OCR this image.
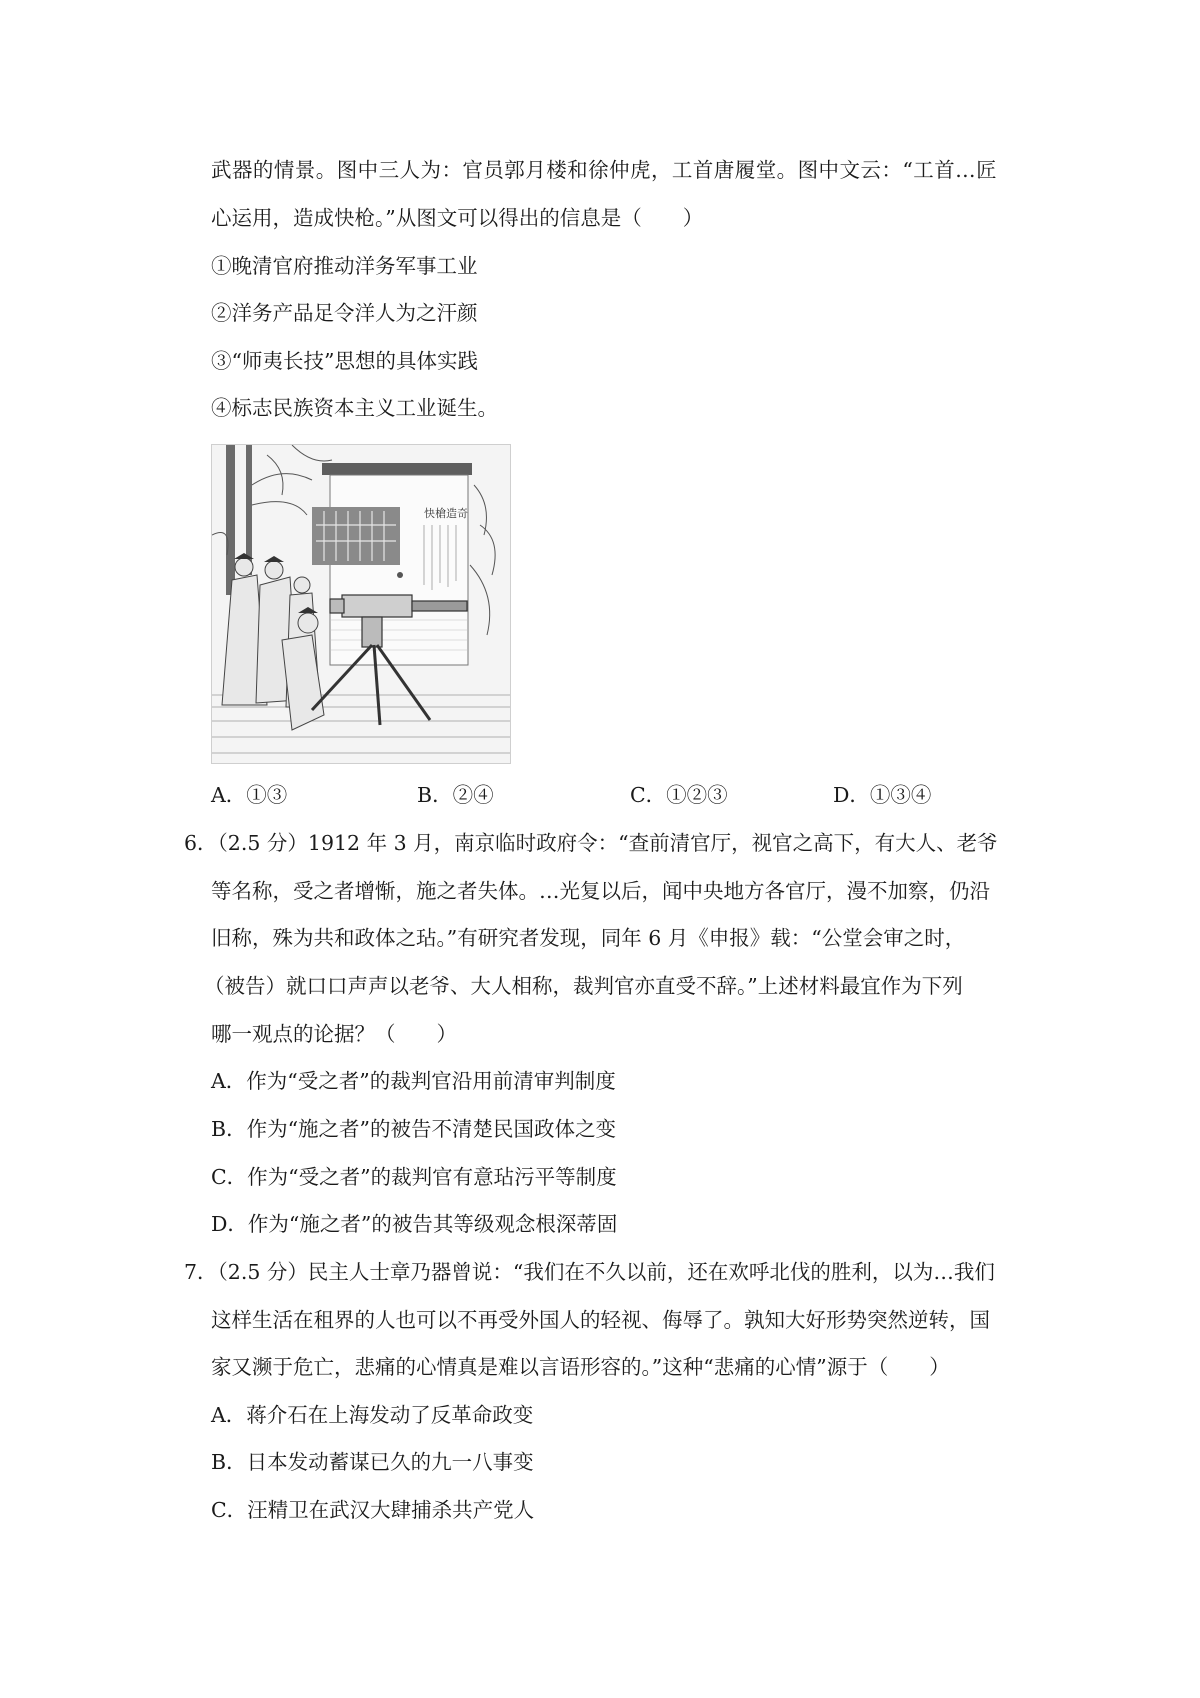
武器的情景。图中三人为：官员郭月楼和徐仲虎，工首唐履堂。图中文云：“工首…匠
心运用，造成快枪。”从图文可以得出的信息是（　　）
①晚清官府推动洋务军事工业
②洋务产品足令洋人为之汗颜
③“师夷长技”思想的具体实践
④标志民族资本主义工业诞生。
快槍造奇
A．①③	B．②④	C．①②③	D．①③④
6．（2.5 分）1912 年 3 月，南京临时政府令：“查前清官厅，视官之高下，有大人、老爷
等名称，受之者增惭，施之者失体。…光复以后，闻中央地方各官厅，漫不加察，仍沿
旧称，殊为共和政体之玷。”有研究者发现，同年 6 月《申报》载：“公堂会审之时，
（被告）就口口声声以老爷、大人相称，裁判官亦直受不辞。”上述材料最宜作为下列
哪一观点的论据？（　　）
A．作为“受之者”的裁判官沿用前清审判制度
B．作为“施之者”的被告不清楚民国政体之变
C．作为“受之者”的裁判官有意玷污平等制度
D．作为“施之者”的被告其等级观念根深蒂固
7．（2.5 分）民主人士章乃器曾说：“我们在不久以前，还在欢呼北伐的胜利，以为…我们
这样生活在租界的人也可以不再受外国人的轻视、侮辱了。孰知大好形势突然逆转，国
家又濒于危亡，悲痛的心情真是难以言语形容的。”这种“悲痛的心情”源于（　　）
A．蒋介石在上海发动了反革命政变
B．日本发动蓄谋已久的九一八事变
C．汪精卫在武汉大肆捕杀共产党人
